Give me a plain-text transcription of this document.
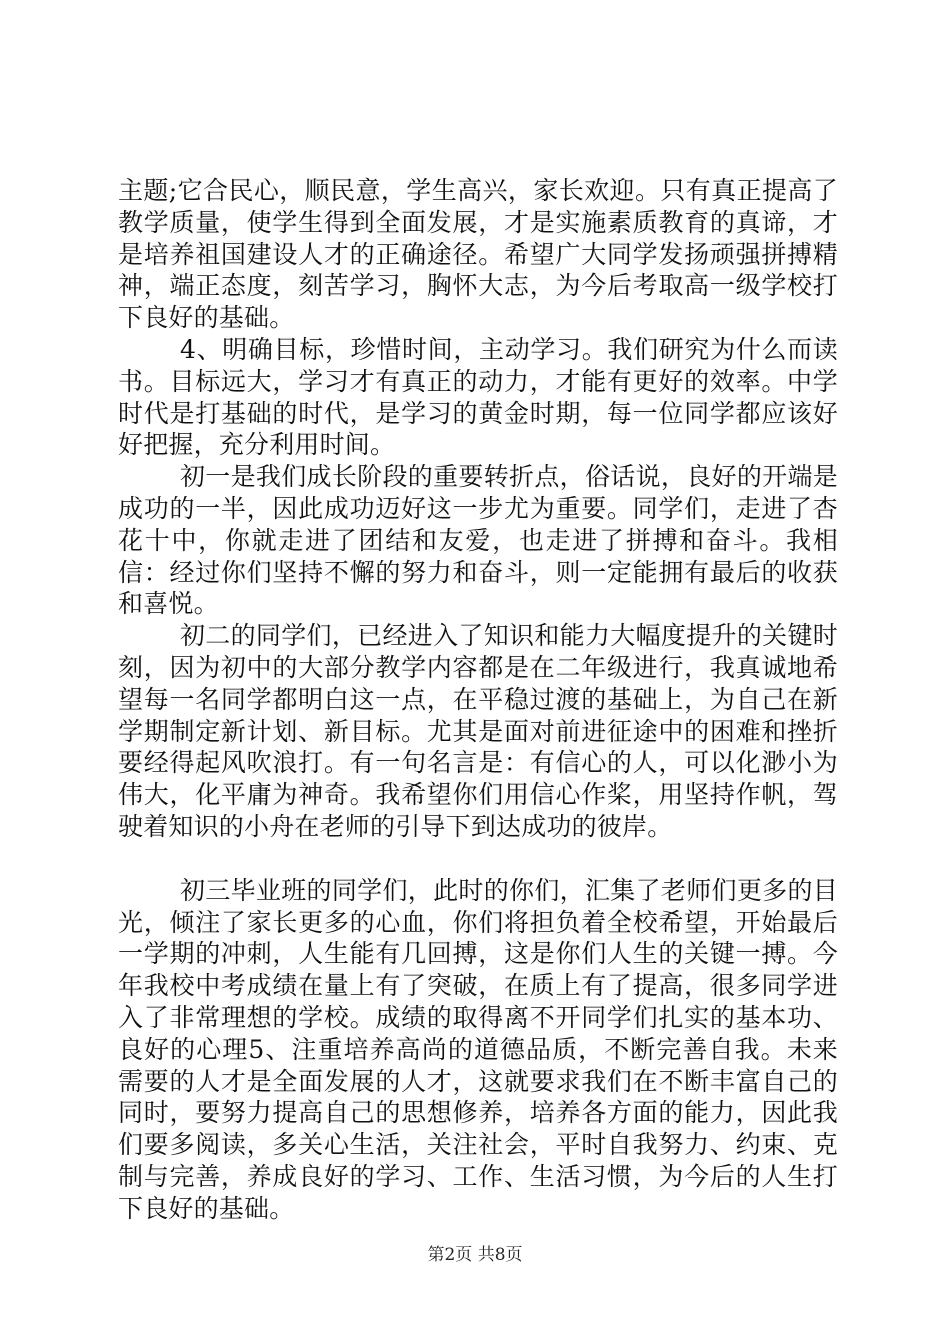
主题;它合民心，顺民意，学生高兴，家长欢迎。只有真正提高了教学质量，使学生得到全面发展，才是实施素质教育的真谛，才是培养祖国建设人才的正确途径。希望广大同学发扬顽强拼搏精神，端正态度，刻苦学习，胸怀大志，为今后考取高一级学校打下良好的基础。

4、明确目标，珍惜时间，主动学习。我们研究为什么而读书。目标远大，学习才有真正的动力，才能有更好的效率。中学时代是打基础的时代，是学习的黄金时期，每一位同学都应该好好把握，充分利用时间。

初一是我们成长阶段的重要转折点，俗话说，良好的开端是成功的一半，因此成功迈好这一步尤为重要。同学们，走进了杏花十中，你就走进了团结和友爱，也走进了拼搏和奋斗。我相信：经过你们坚持不懈的努力和奋斗，则一定能拥有最后的收获和喜悦。

初二的同学们，已经进入了知识和能力大幅度提升的关键时刻，因为初中的大部分教学内容都是在二年级进行，我真诚地希望每一名同学都明白这一点，在平稳过渡的基础上，为自己在新学期制定新计划、新目标。尤其是面对前进征途中的困难和挫折要经得起风吹浪打。有一句名言是：有信心的人，可以化渺小为伟大，化平庸为神奇。我希望你们用信心作桨，用坚持作帆，驾驶着知识的小舟在老师的引导下到达成功的彼岸。

初三毕业班的同学们，此时的你们，汇集了老师们更多的目光，倾注了家长更多的心血，你们将担负着全校希望，开始最后一学期的冲刺，人生能有几回搏，这是你们人生的关键一搏。今年我校中考成绩在量上有了突破，在质上有了提高，很多同学进入了非常理想的学校。成绩的取得离不开同学们扎实的基本功、良好的心理5、注重培养高尚的道德品质，不断完善自我。未来需要的人才是全面发展的人才，这就要求我们在不断丰富自己的同时，要努力提高自己的思想修养，培养各方面的能力，因此我们要多阅读，多关心生活，关注社会，平时自我努力、约束、克制与完善，养成良好的学习、工作、生活习惯，为今后的人生打下良好的基础。

第2页 共8页
